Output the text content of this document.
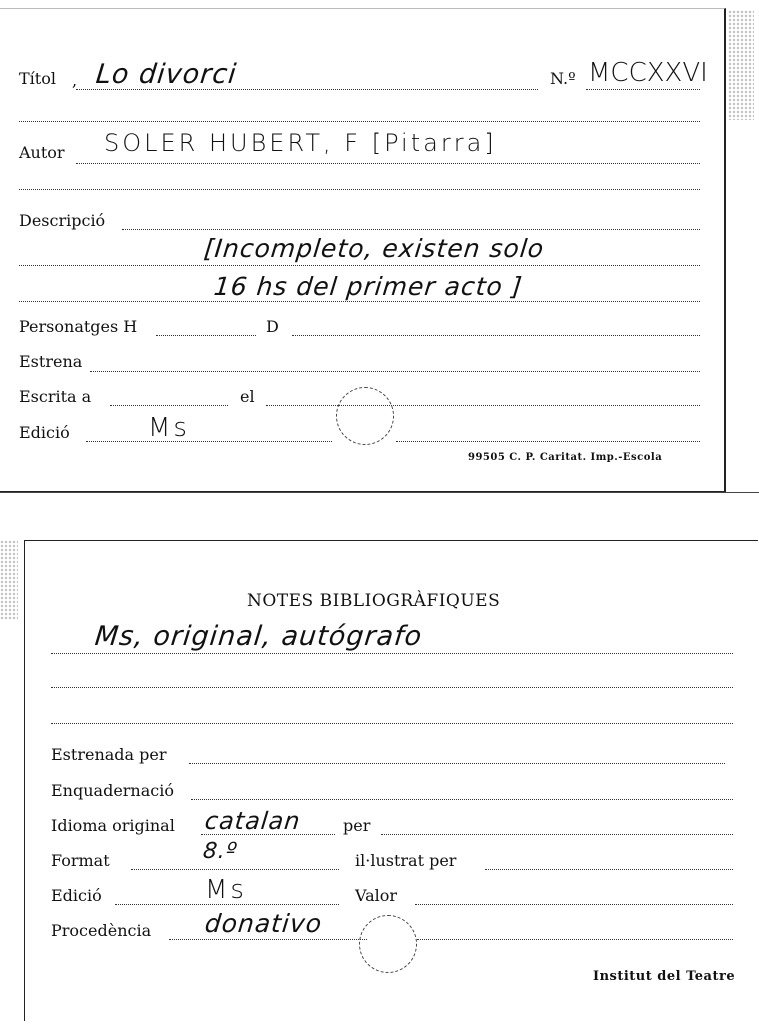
Títol , Lo divorci	N.º MCCXXVI
Autor SOLER HUBERT, F [Pitarra]
Descripció
[Incompleto, existen solo
16 hs del primer acto ]
Personatges H	D
Estrena
Escrita a	el
Edició	Ms
99505 C. P. Caritat. Imp.-Escola
NOTES BIBLIOGRÀFIQUES
Ms, original, autógrafo
Estrenada per
Enquadernació
Idioma original catalan	per
Format	8.º	il·lustrat per
Edició	Ms	Valor
Procedència donativo
Institut del Teatre
